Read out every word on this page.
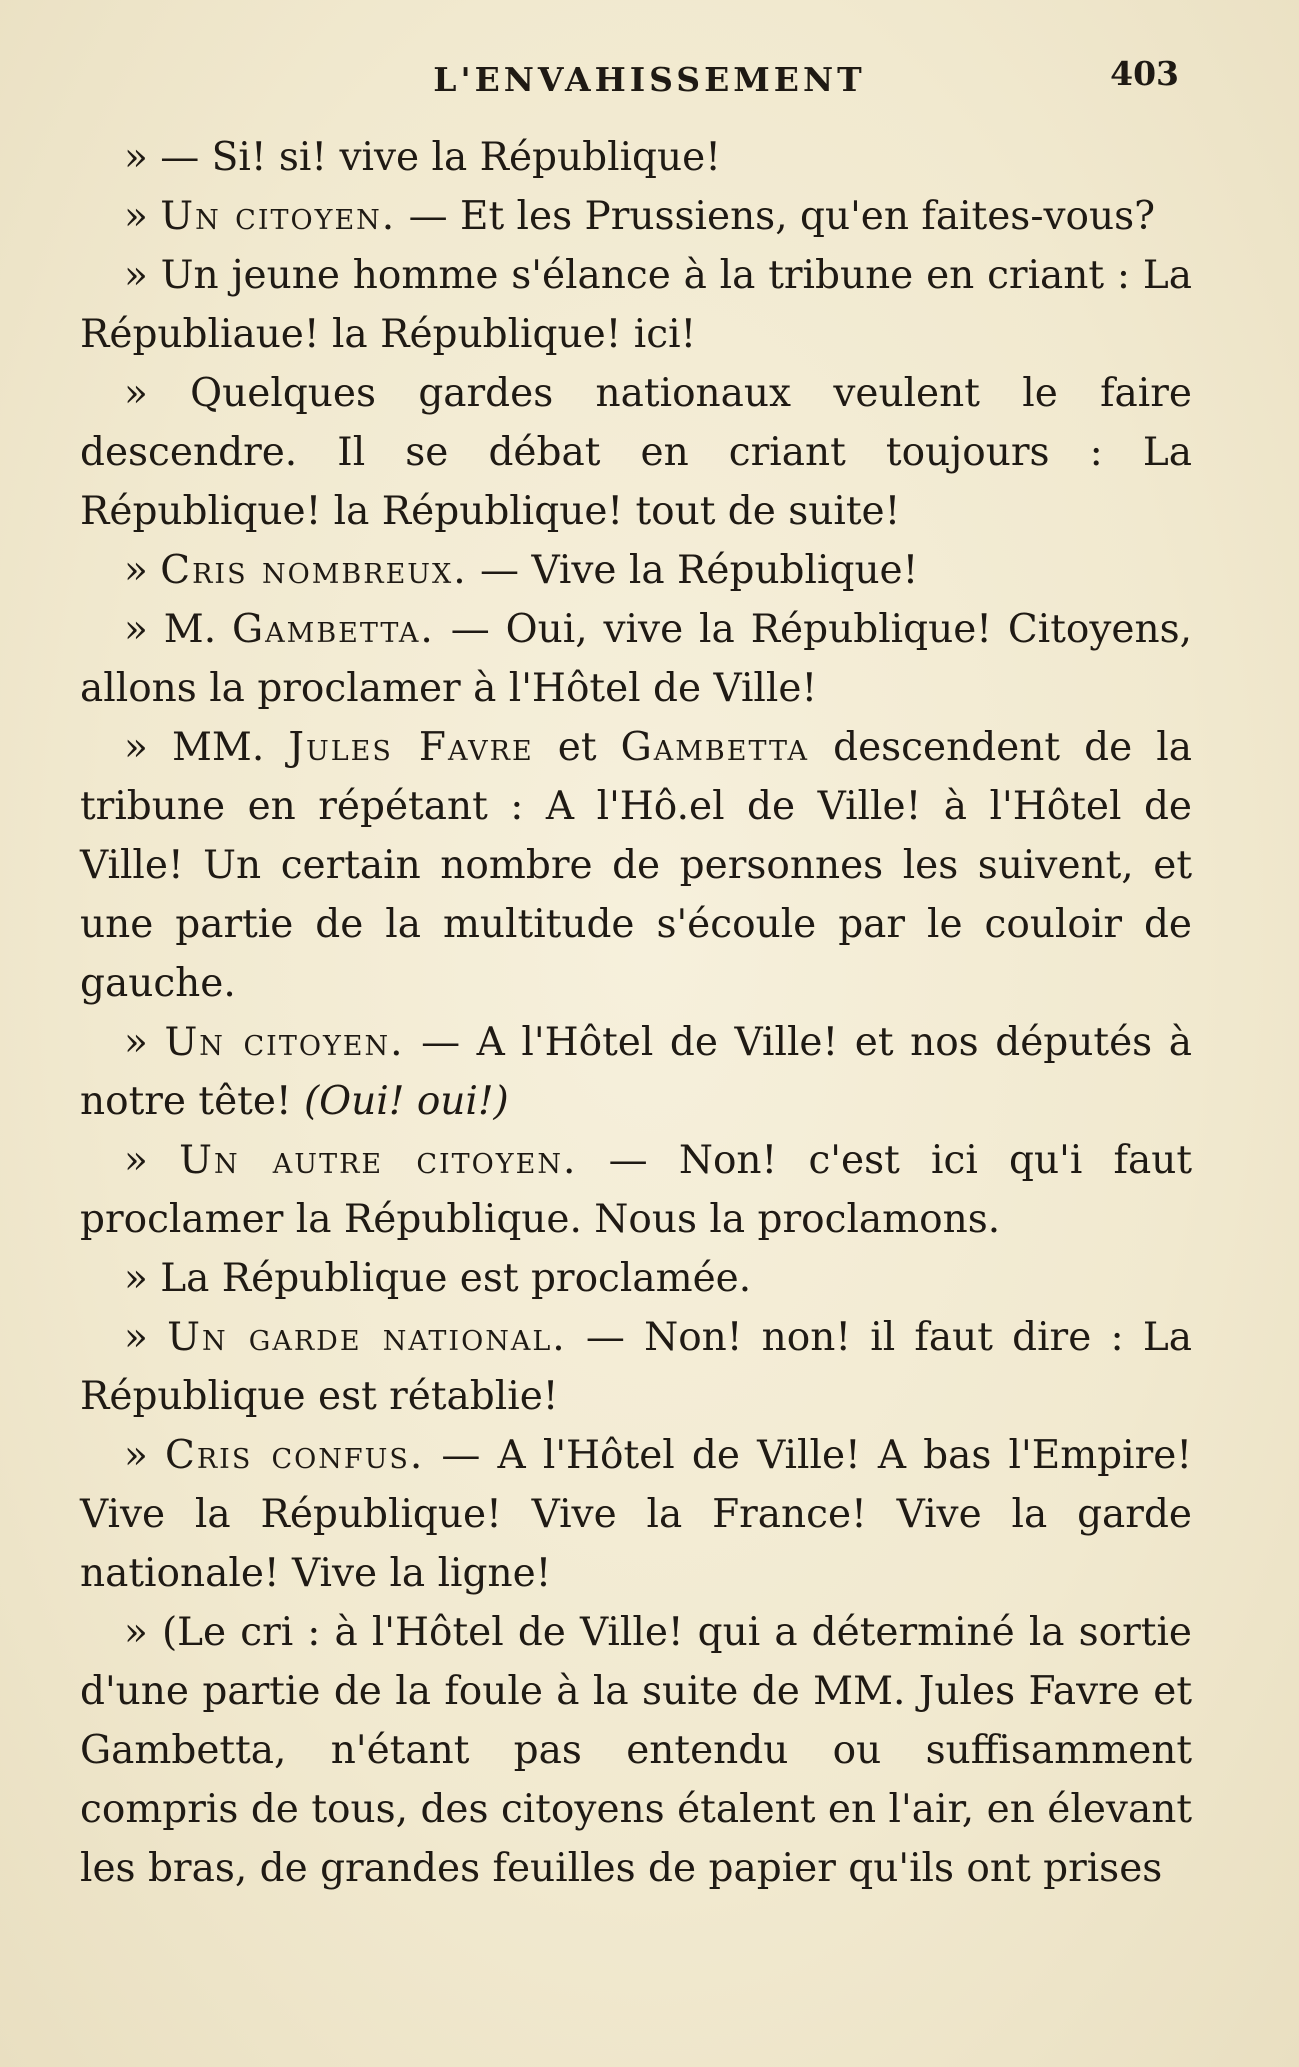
L'ENVAHISSEMENT	403

» — Si! si! vive la République!

» Un citoyen. — Et les Prussiens, qu'en faites-vous?

» Un jeune homme s'élance à la tribune en criant : La Républiaue! la République! ici!

» Quelques gardes nationaux veulent le faire descendre. Il se débat en criant toujours : La République! la République! tout de suite!

» Cris nombreux. — Vive la République!

» M. Gambetta. — Oui, vive la République! Citoyens, allons la proclamer à l'Hôtel de Ville!

» MM. Jules Favre et Gambetta descendent de la tribune en répétant : A l'Hô.el de Ville! à l'Hôtel de Ville! Un certain nombre de personnes les suivent, et une partie de la multitude s'écoule par le couloir de gauche.

» Un citoyen. — A l'Hôtel de Ville! et nos députés à notre tête! (Oui! oui!)

» Un autre citoyen. — Non! c'est ici qu'i faut proclamer la République. Nous la proclamons.

» La République est proclamée.

» Un garde national. — Non! non! il faut dire : La République est rétablie!

» Cris confus. — A l'Hôtel de Ville! A bas l'Empire! Vive la République! Vive la France! Vive la garde nationale! Vive la ligne!

» (Le cri : à l'Hôtel de Ville! qui a déterminé la sortie d'une partie de la foule à la suite de MM. Jules Favre et Gambetta, n'étant pas entendu ou suffisamment compris de tous, des citoyens étalent en l'air, en élevant les bras, de grandes feuilles de papier qu'ils ont prises
